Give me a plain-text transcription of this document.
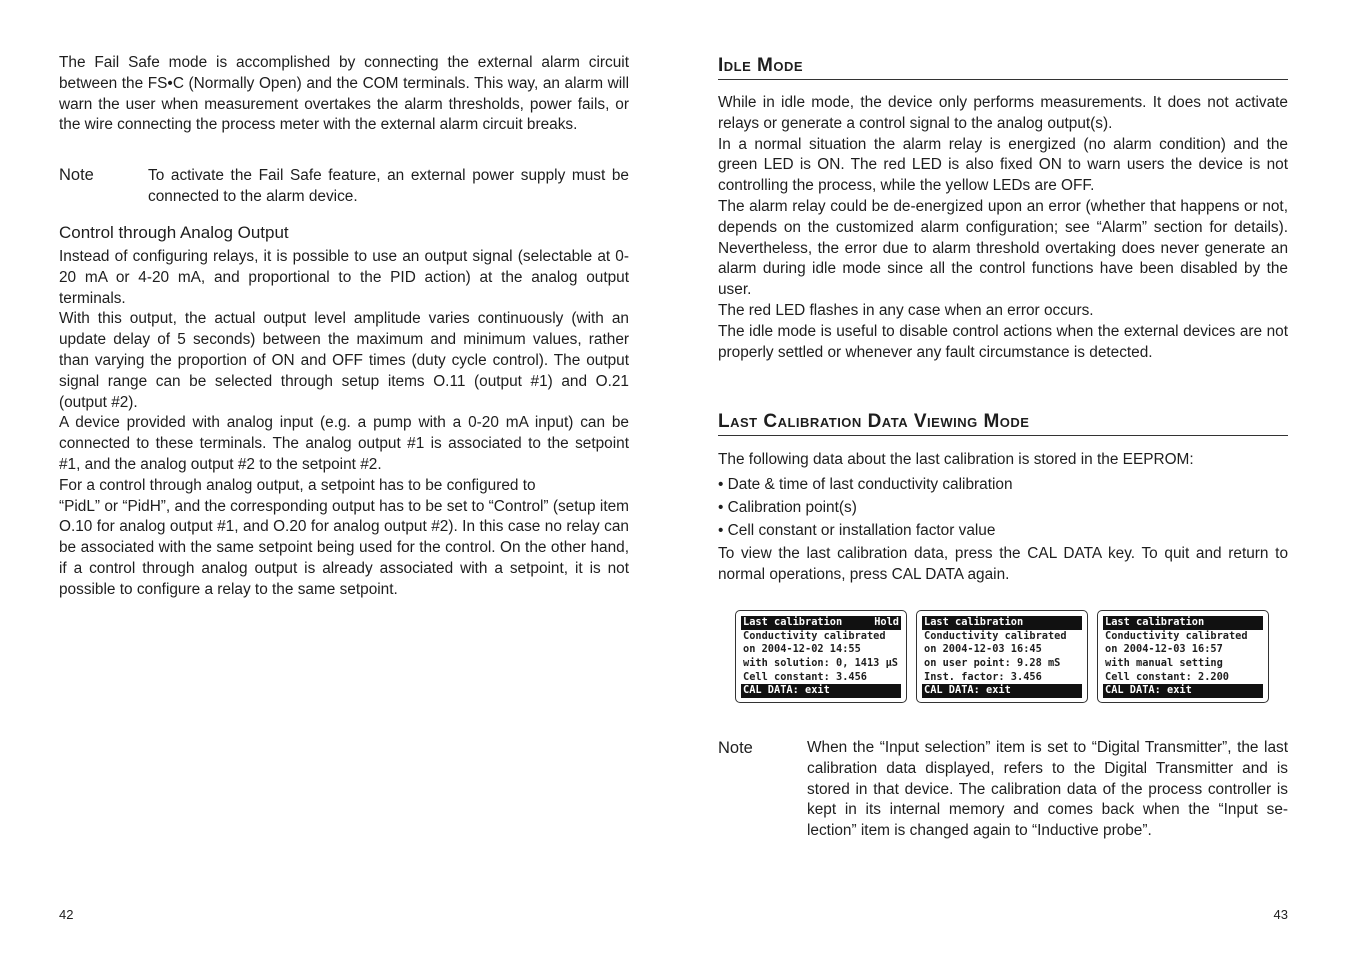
The Fail Safe mode is accomplished by connecting the external alarm circuit between the FS•C (Normally Open) and the COM terminals. This way, an alarm will warn the user when measurement overtakes the alarm thresholds, power fails, or the wire connecting the process meter with the external alarm circuit breaks.

Note	To activate the Fail Safe feature, an external power supply must be connected to the alarm device.

Control through Analog Output

Instead of configuring relays, it is possible to use an output signal (selectable at 0-20 mA or 4-20 mA, and proportional to the PID action) at the analog output terminals.

With this output, the actual output level amplitude varies continuously (with an update delay of 5 seconds) between the maximum and minimum values, rather than varying the proportion of ON and OFF times (duty cycle control). The output signal range can be selected through setup items O.11 (output #1) and O.21 (output #2).

A device provided with analog input (e.g. a pump with a 0-20 mA input) can be connected to these terminals. The analog output #1 is associated to the setpoint #1, and the analog output #2 to the setpoint #2.

For a control through analog output, a setpoint has to be configured to

“PidL” or “PidH”, and the corresponding output has to be set to “Control” (setup item O.10 for analog output #1, and O.20 for analog output #2). In this case no relay can be associated with the same setpoint being used for the control. On the other hand, if a control through analog output is already associated with a setpoint, it is not possible to configure a relay to the same setpoint.

42
Idle Mode

While in idle mode, the device only performs measurements. It does not activate relays or generate a control signal to the analog output(s).

In a normal situation the alarm relay is energized (no alarm condition) and the green LED is ON. The red LED is also fixed ON to warn users the device is not controlling the process, while the yellow LEDs are OFF.

The alarm relay could be de-energized upon an error (whether that happens or not, depends on the customized alarm configuration; see “Alarm” section for details). Nevertheless, the error due to alarm threshold overtaking does never generate an alarm during idle mode since all the control functions have been disabled by the user.

The red LED flashes in any case when an error occurs.

The idle mode is useful to disable control actions when the external devices are not properly settled or whenever any fault circumstance is detected.

Last Calibration Data Viewing Mode

The following data about the last calibration is stored in the EEPROM:

• Date & time of last conductivity calibration
• Calibration point(s)
• Cell constant or installation factor value

To view the last calibration data, press the CAL DATA key. To quit and return to normal operations, press CAL DATA again.

Last calibration	Hold
Conductivity calibrated
on 2004-12-02 14:55
with solution: 0, 1413 µS
Cell constant: 3.456
CAL DATA: exit
Last calibration
Conductivity calibrated
on 2004-12-03 16:45
on user point: 9.28 mS
Inst. factor: 3.456
CAL DATA: exit
Last calibration
Conductivity calibrated
on 2004-12-03 16:57
with manual setting
Cell constant: 2.200
CAL DATA: exit
Note	When the “Input selection” item is set to “Digital Transmitter”, the last calibration data displayed, refers to the Digital Transmitter and is stored in that device. The calibration data of the process controller is kept in its internal memory and comes back when the “Input se-lection” item is changed again to “Inductive probe”.

43
